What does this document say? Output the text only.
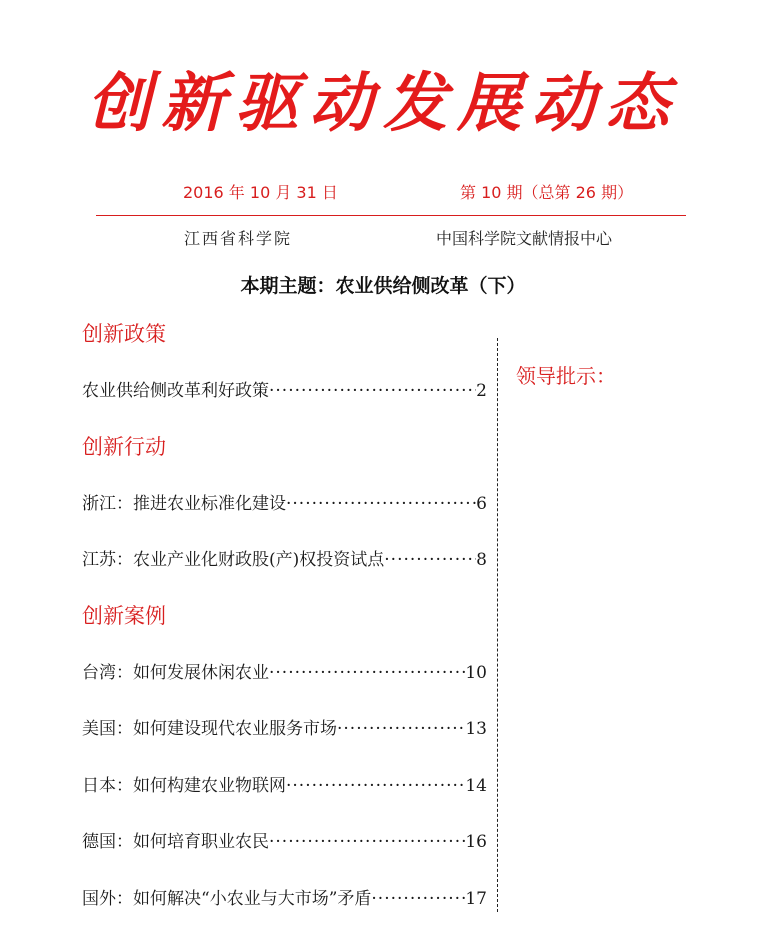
创新驱动发展动态
2016 年 10 月 31 日	第 10 期（总第 26 期）
江西省科学院	中国科学院文献情报中心
本期主题：农业供给侧改革（下）
创新政策
农业供给侧改革利好政策 ·····	2
创新行动
浙江：推进农业标准化建设 ·····	6
江苏：农业产业化财政股(产)权投资试点 ·····	8
创新案例
台湾：如何发展休闲农业 ·····	10
美国：如何建设现代农业服务市场 ·····	13
日本：如何构建农业物联网 ·····	14
德国：如何培育职业农民 ·····	16
国外：如何解决“小农业与大市场”矛盾 ·····	17
领导批示：
